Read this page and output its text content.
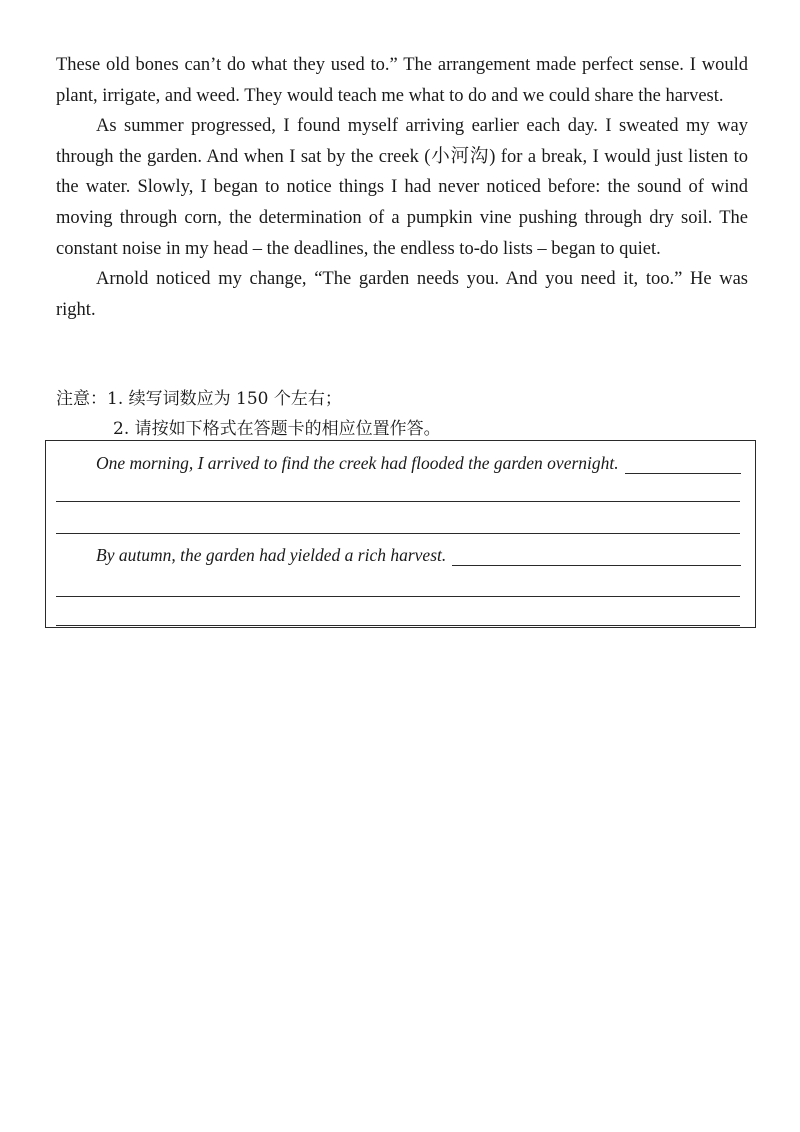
These old bones can’t do what they used to.” The arrangement made perfect sense. I would plant, irrigate, and weed. They would teach me what to do and we could share the harvest.

As summer progressed, I found myself arriving earlier each day. I sweated my way through the garden. And when I sat by the creek (小河沟) for a break, I would just listen to the water. Slowly, I began to notice things I had never noticed before: the sound of wind moving through corn, the determination of a pumpkin vine pushing through dry soil. The constant noise in my head – the deadlines, the endless to-do lists – began to quiet.

Arnold noticed my change, “The garden needs you. And you need it, too.” He was right.

注意：1. 续写词数应为 150 个左右；
2. 请按如下格式在答题卡的相应位置作答。
One morning, I arrived to find the creek had flooded the garden overnight.
By autumn, the garden had yielded a rich harvest.
